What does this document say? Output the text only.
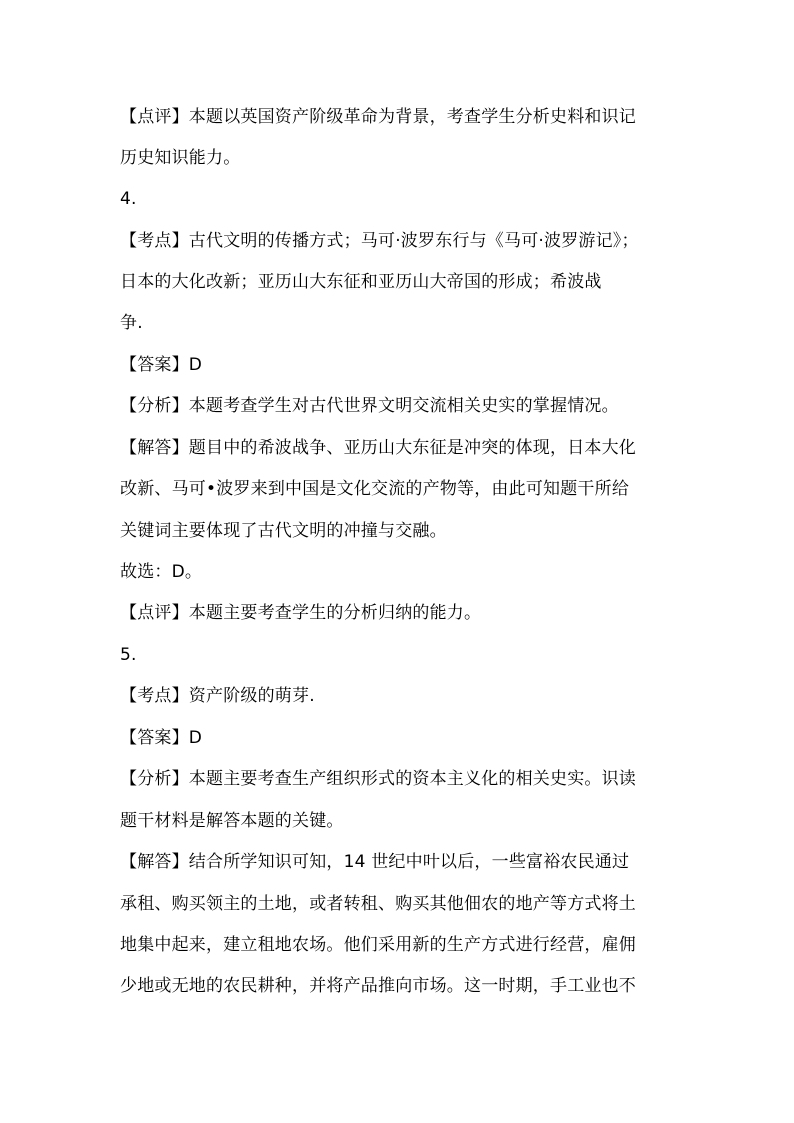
【点评】本题以英国资产阶级革命为背景，考查学生分析史料和识记
历史知识能力。
4.
【考点】古代文明的传播方式；马可·波罗东行与《马可·波罗游记》；
日本的大化改新；亚历山大东征和亚历山大帝国的形成；希波战
争.
【答案】D
【分析】本题考查学生对古代世界文明交流相关史实的掌握情况。
【解答】题目中的希波战争、亚历山大东征是冲突的体现，日本大化
改新、马可•波罗来到中国是文化交流的产物等，由此可知题干所给
关键词主要体现了古代文明的冲撞与交融。
故选：D。
【点评】本题主要考查学生的分析归纳的能力。
5.
【考点】资产阶级的萌芽.
【答案】D
【分析】本题主要考查生产组织形式的资本主义化的相关史实。识读
题干材料是解答本题的关键。
【解答】结合所学知识可知，14 世纪中叶以后，一些富裕农民通过
承租、购买领主的土地，或者转租、购买其他佃农的地产等方式将土
地集中起来，建立租地农场。他们采用新的生产方式进行经营，雇佣
少地或无地的农民耕种，并将产品推向市场。这一时期，手工业也不
